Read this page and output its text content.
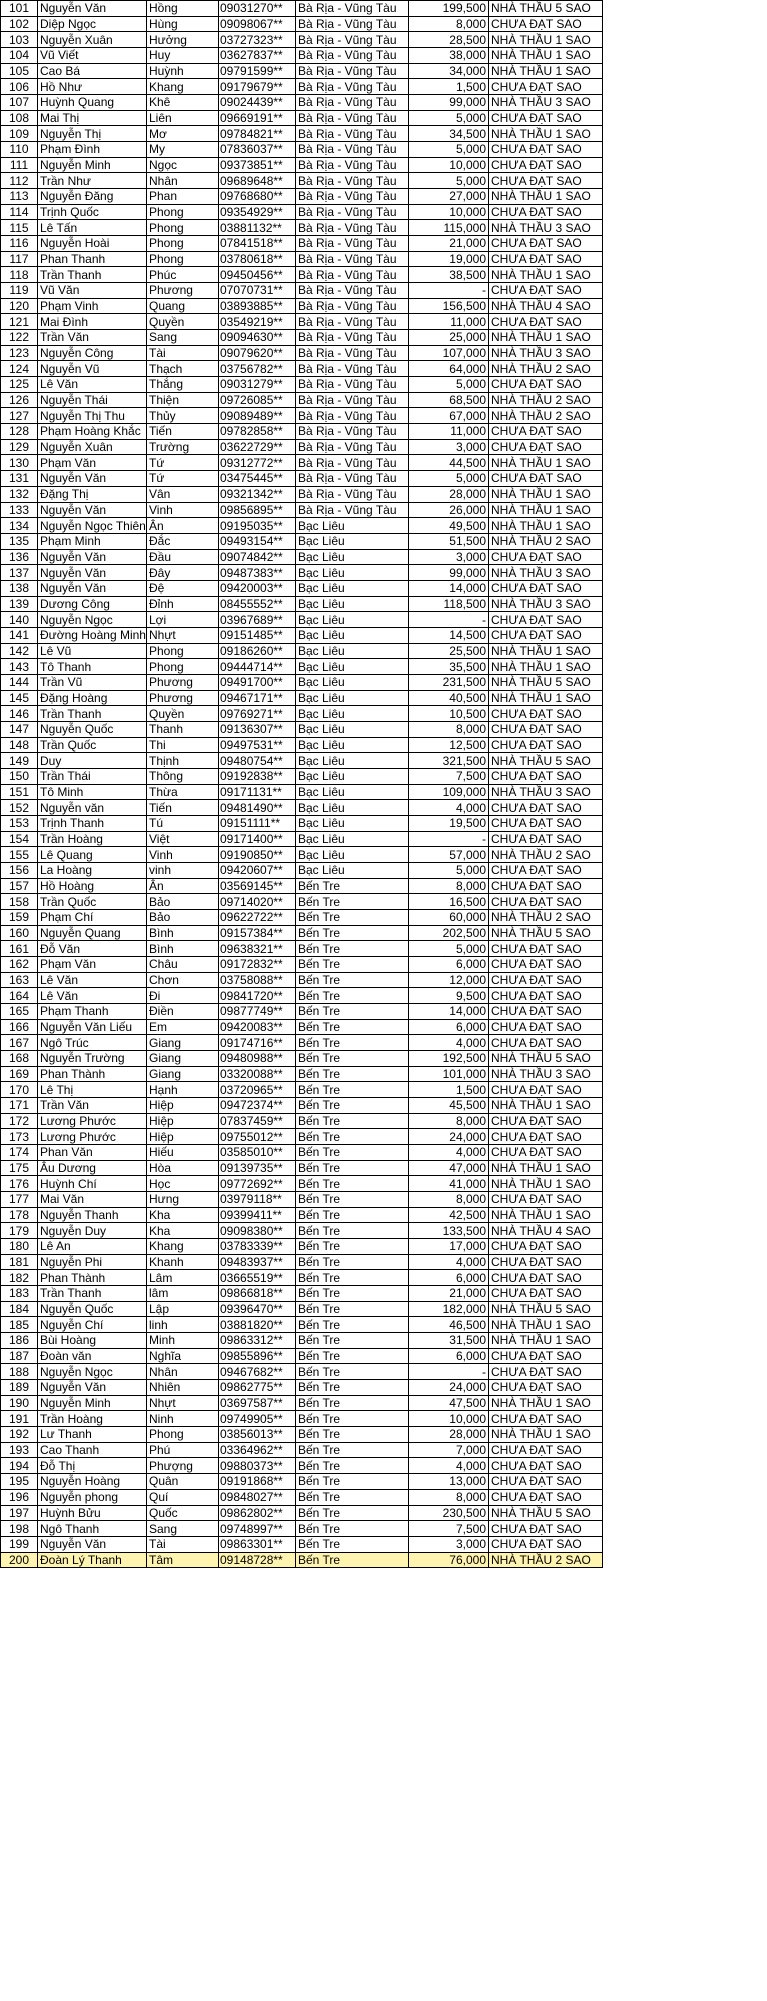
101	Nguyễn Văn	Hồng	09031270**	Bà Rịa - Vũng Tàu	199,500	NHÀ THẦU 5 SAO
102	Diệp Ngọc	Hùng	09098067**	Bà Rịa - Vũng Tàu	8,000	CHƯA ĐẠT SAO
103	Nguyễn Xuân	Hưởng	03727323**	Bà Rịa - Vũng Tàu	28,500	NHÀ THẦU 1 SAO
104	Vũ Viết	Huy	03627837**	Bà Rịa - Vũng Tàu	38,000	NHÀ THẦU 1 SAO
105	Cao Bá	Huỳnh	09791599**	Bà Rịa - Vũng Tàu	34,000	NHÀ THẦU 1 SAO
106	Hồ Như	Khang	09179679**	Bà Rịa - Vũng Tàu	1,500	CHƯA ĐẠT SAO
107	Huỳnh Quang	Khê	09024439**	Bà Rịa - Vũng Tàu	99,000	NHÀ THẦU 3 SAO
108	Mai Thị	Liên	09669191**	Bà Rịa - Vũng Tàu	5,000	CHƯA ĐẠT SAO
109	Nguyễn Thị	Mơ	09784821**	Bà Rịa - Vũng Tàu	34,500	NHÀ THẦU 1 SAO
110	Phạm Đình	My	07836037**	Bà Rịa - Vũng Tàu	5,000	CHƯA ĐẠT SAO
111	Nguyễn Minh	Ngọc	09373851**	Bà Rịa - Vũng Tàu	10,000	CHƯA ĐẠT SAO
112	Trần Như	Nhân	09689648**	Bà Rịa - Vũng Tàu	5,000	CHƯA ĐẠT SAO
113	Nguyễn Đăng	Phan	09768680**	Bà Rịa - Vũng Tàu	27,000	NHÀ THẦU 1 SAO
114	Trịnh Quốc	Phong	09354929**	Bà Rịa - Vũng Tàu	10,000	CHƯA ĐẠT SAO
115	Lê Tấn	Phong	03881132**	Bà Rịa - Vũng Tàu	115,000	NHÀ THẦU 3 SAO
116	Nguyễn Hoài	Phong	07841518**	Bà Rịa - Vũng Tàu	21,000	CHƯA ĐẠT SAO
117	Phan Thanh	Phong	03780618**	Bà Rịa - Vũng Tàu	19,000	CHƯA ĐẠT SAO
118	Trần Thanh	Phúc	09450456**	Bà Rịa - Vũng Tàu	38,500	NHÀ THẦU 1 SAO
119	Vũ Văn	Phương	07070731**	Bà Rịa - Vũng Tàu	-	CHƯA ĐẠT SAO
120	Phạm Vinh	Quang	03893885**	Bà Rịa - Vũng Tàu	156,500	NHÀ THẦU 4 SAO
121	Mai Đình	Quyền	03549219**	Bà Rịa - Vũng Tàu	11,000	CHƯA ĐẠT SAO
122	Trần Văn	Sang	09094630**	Bà Rịa - Vũng Tàu	25,000	NHÀ THẦU 1 SAO
123	Nguyễn Công	Tài	09079620**	Bà Rịa - Vũng Tàu	107,000	NHÀ THẦU 3 SAO
124	Nguyễn Vũ	Thạch	03756782**	Bà Rịa - Vũng Tàu	64,000	NHÀ THẦU 2 SAO
125	Lê Văn	Thắng	09031279**	Bà Rịa - Vũng Tàu	5,000	CHƯA ĐẠT SAO
126	Nguyễn Thái	Thiện	09726085**	Bà Rịa - Vũng Tàu	68,500	NHÀ THẦU 2 SAO
127	Nguyễn Thị Thu	Thủy	09089489**	Bà Rịa - Vũng Tàu	67,000	NHÀ THẦU 2 SAO
128	Phạm Hoàng Khắc	Tiến	09782858**	Bà Rịa - Vũng Tàu	11,000	CHƯA ĐẠT SAO
129	Nguyễn Xuân	Trường	03622729**	Bà Rịa - Vũng Tàu	3,000	CHƯA ĐẠT SAO
130	Phạm Văn	Tứ	09312772**	Bà Rịa - Vũng Tàu	44,500	NHÀ THẦU 1 SAO
131	Nguyễn Văn	Tứ	03475445**	Bà Rịa - Vũng Tàu	5,000	CHƯA ĐẠT SAO
132	Đặng Thị	Vân	09321342**	Bà Rịa - Vũng Tàu	28,000	NHÀ THẦU 1 SAO
133	Nguyễn Văn	Vinh	09856895**	Bà Rịa - Vũng Tàu	26,000	NHÀ THẦU 1 SAO
134	Nguyễn Ngọc Thiên	Ân	09195035**	Bạc Liêu	49,500	NHÀ THẦU 1 SAO
135	Phạm Minh	Đắc	09493154**	Bạc Liêu	51,500	NHÀ THẦU 2 SAO
136	Nguyễn Văn	Đầu	09074842**	Bạc Liêu	3,000	CHƯA ĐẠT SAO
137	Nguyễn Văn	Đây	09487383**	Bạc Liêu	99,000	NHÀ THẦU 3 SAO
138	Nguyễn Văn	Đệ	09420003**	Bạc Liêu	14,000	CHƯA ĐẠT SAO
139	Dương Công	Đỉnh	08455552**	Bạc Liêu	118,500	NHÀ THẦU 3 SAO
140	Nguyễn Ngọc	Lợi	03967689**	Bạc Liêu	-	CHƯA ĐẠT SAO
141	Đường Hoàng Minh	Nhựt	09151485**	Bạc Liêu	14,500	CHƯA ĐẠT SAO
142	Lê Vũ	Phong	09186260**	Bạc Liêu	25,500	NHÀ THẦU 1 SAO
143	Tô Thanh	Phong	09444714**	Bạc Liêu	35,500	NHÀ THẦU 1 SAO
144	Trần Vũ	Phương	09491700**	Bạc Liêu	231,500	NHÀ THẦU 5 SAO
145	Đặng Hoàng	Phương	09467171**	Bạc Liêu	40,500	NHÀ THẦU 1 SAO
146	Trần Thanh	Quyền	09769271**	Bạc Liêu	10,500	CHƯA ĐẠT SAO
147	Nguyễn Quốc	Thanh	09136307**	Bạc Liêu	8,000	CHƯA ĐẠT SAO
148	Trần Quốc	Thi	09497531**	Bạc Liêu	12,500	CHƯA ĐẠT SAO
149	Duy	Thịnh	09480754**	Bạc Liêu	321,500	NHÀ THẦU 5 SAO
150	Trần Thái	Thông	09192838**	Bạc Liêu	7,500	CHƯA ĐẠT SAO
151	Tô Minh	Thừa	09171131**	Bạc Liêu	109,000	NHÀ THẦU 3 SAO
152	Nguyễn văn	Tiến	09481490**	Bạc Liêu	4,000	CHƯA ĐẠT SAO
153	Trịnh Thanh	Tú	09151111**	Bạc Liêu	19,500	CHƯA ĐẠT SAO
154	Trần Hoàng	Việt	09171400**	Bạc Liêu	-	CHƯA ĐẠT SAO
155	Lê Quang	Vinh	09190850**	Bạc Liêu	57,000	NHÀ THẦU 2 SAO
156	La Hoàng	vinh	09420607**	Bạc Liêu	5,000	CHƯA ĐẠT SAO
157	Hồ Hoàng	Ân	03569145**	Bến Tre	8,000	CHƯA ĐẠT SAO
158	Trần Quốc	Bảo	09714020**	Bến Tre	16,500	CHƯA ĐẠT SAO
159	Phạm Chí	Bảo	09622722**	Bến Tre	60,000	NHÀ THẦU 2 SAO
160	Nguyễn Quang	Bình	09157384**	Bến Tre	202,500	NHÀ THẦU 5 SAO
161	Đỗ Văn	Bình	09638321**	Bến Tre	5,000	CHƯA ĐẠT SAO
162	Phạm Văn	Châu	09172832**	Bến Tre	6,000	CHƯA ĐẠT SAO
163	Lê Văn	Chơn	03758088**	Bến Tre	12,000	CHƯA ĐẠT SAO
164	Lê Văn	Đi	09841720**	Bến Tre	9,500	CHƯA ĐẠT SAO
165	Phạm Thanh	Điền	09877749**	Bến Tre	14,000	CHƯA ĐẠT SAO
166	Nguyễn Văn Liếu	Em	09420083**	Bến Tre	6,000	CHƯA ĐẠT SAO
167	Ngô Trúc	Giang	09174716**	Bến Tre	4,000	CHƯA ĐẠT SAO
168	Nguyễn Trường	Giang	09480988**	Bến Tre	192,500	NHÀ THẦU 5 SAO
169	Phan Thành	Giang	03320088**	Bến Tre	101,000	NHÀ THẦU 3 SAO
170	Lê Thị	Hạnh	03720965**	Bến Tre	1,500	CHƯA ĐẠT SAO
171	Trần Văn	Hiệp	09472374**	Bến Tre	45,500	NHÀ THẦU 1 SAO
172	Lương Phước	Hiệp	07837459**	Bến Tre	8,000	CHƯA ĐẠT SAO
173	Lương Phước	Hiệp	09755012**	Bến Tre	24,000	CHƯA ĐẠT SAO
174	Phan Văn	Hiếu	03585010**	Bến Tre	4,000	CHƯA ĐẠT SAO
175	Âu Dương	Hòa	09139735**	Bến Tre	47,000	NHÀ THẦU 1 SAO
176	Huỳnh Chí	Học	09772692**	Bến Tre	41,000	NHÀ THẦU 1 SAO
177	Mai Văn	Hưng	03979118**	Bến Tre	8,000	CHƯA ĐẠT SAO
178	Nguyễn Thanh	Kha	09399411**	Bến Tre	42,500	NHÀ THẦU 1 SAO
179	Nguyễn Duy	Kha	09098380**	Bến Tre	133,500	NHÀ THẦU 4 SAO
180	Lê An	Khang	03783339**	Bến Tre	17,000	CHƯA ĐẠT SAO
181	Nguyễn Phi	Khanh	09483937**	Bến Tre	4,000	CHƯA ĐẠT SAO
182	Phan Thành	Lâm	03665519**	Bến Tre	6,000	CHƯA ĐẠT SAO
183	Trần Thanh	lâm	09866818**	Bến Tre	21,000	CHƯA ĐẠT SAO
184	Nguyễn Quốc	Lập	09396470**	Bến Tre	182,000	NHÀ THẦU 5 SAO
185	Nguyễn Chí	linh	03881820**	Bến Tre	46,500	NHÀ THẦU 1 SAO
186	Bùi Hoàng	Minh	09863312**	Bến Tre	31,500	NHÀ THẦU 1 SAO
187	Đoàn văn	Nghĩa	09855896**	Bến Tre	6,000	CHƯA ĐẠT SAO
188	Nguyễn Ngọc	Nhân	09467682**	Bến Tre	-	CHƯA ĐẠT SAO
189	Nguyễn Văn	Nhiên	09862775**	Bến Tre	24,000	CHƯA ĐẠT SAO
190	Nguyễn Minh	Nhựt	03697587**	Bến Tre	47,500	NHÀ THẦU 1 SAO
191	Trần Hoàng	Ninh	09749905**	Bến Tre	10,000	CHƯA ĐẠT SAO
192	Lư Thanh	Phong	03856013**	Bến Tre	28,000	NHÀ THẦU 1 SAO
193	Cao Thanh	Phú	03364962**	Bến Tre	7,000	CHƯA ĐẠT SAO
194	Đỗ Thị	Phượng	09880373**	Bến Tre	4,000	CHƯA ĐẠT SAO
195	Nguyễn Hoàng	Quân	09191868**	Bến Tre	13,000	CHƯA ĐẠT SAO
196	Nguyễn phong	Quí	09848027**	Bến Tre	8,000	CHƯA ĐẠT SAO
197	Huỳnh Bửu	Quốc	09862802**	Bến Tre	230,500	NHÀ THẦU 5 SAO
198	Ngô Thanh	Sang	09748997**	Bến Tre	7,500	CHƯA ĐẠT SAO
199	Nguyễn Văn	Tài	09863301**	Bến Tre	3,000	CHƯA ĐẠT SAO
200	Đoàn Lý Thanh	Tâm	09148728**	Bến Tre	76,000	NHÀ THẦU 2 SAO
